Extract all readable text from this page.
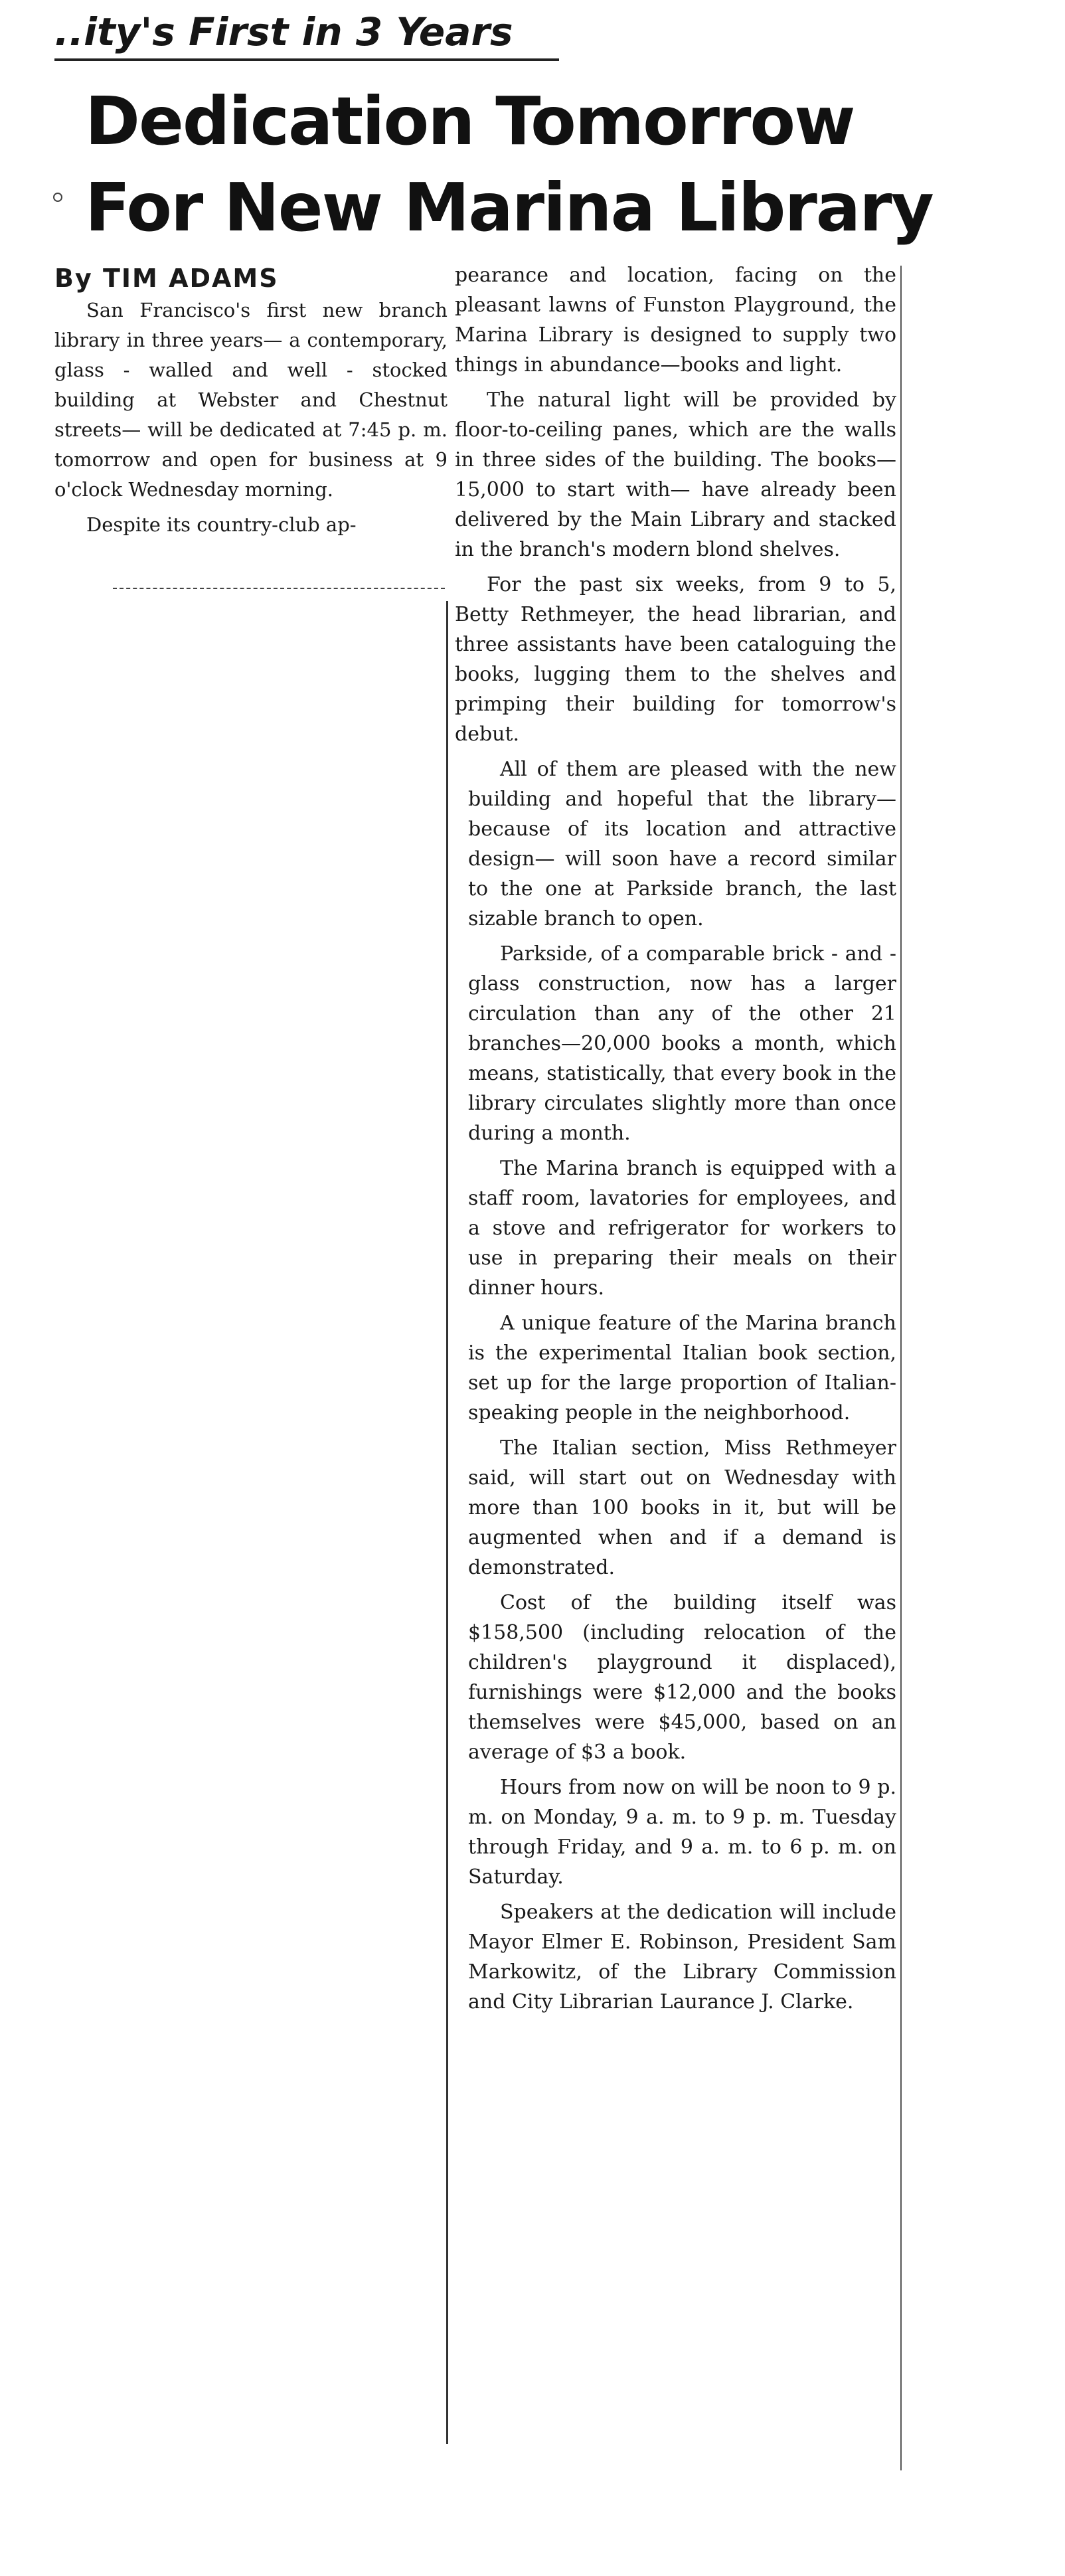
..ity's First in 3 Years
Dedication Tomorrow
For New Marina Library
By TIM ADAMS

San Francisco's first new branch library in three years— a contemporary, glass - walled and well - stocked building at Webster and Chestnut streets— will be dedicated at 7:45 p. m. tomorrow and open for business at 9 o'clock Wednesday morning.

Despite its country-club ap-

pearance and location, facing on the pleasant lawns of Funston Playground, the Marina Library is designed to supply two things in abundance—books and light.

The natural light will be provided by floor-to-ceiling panes, which are the walls in three sides of the building. The books—15,000 to start with— have already been delivered by the Main Library and stacked in the branch's modern blond shelves.

For the past six weeks, from 9 to 5, Betty Rethmeyer, the head librarian, and three assistants have been cataloguing the books, lugging them to the shelves and primping their building for tomorrow's debut.

All of them are pleased with the new building and hopeful that the library—because of its location and attractive design— will soon have a record similar to the one at Parkside branch, the last sizable branch to open.

Parkside, of a comparable brick - and - glass construction, now has a larger circulation than any of the other 21 branches—20,000 books a month, which means, statistically, that every book in the library circulates slightly more than once during a month.

The Marina branch is equipped with a staff room, lavatories for employees, and a stove and refrigerator for workers to use in preparing their meals on their dinner hours.

A unique feature of the Marina branch is the experimental Italian book section, set up for the large proportion of Italian-speaking people in the neighborhood.

The Italian section, Miss Rethmeyer said, will start out on Wednesday with more than 100 books in it, but will be augmented when and if a demand is demonstrated.

Cost of the building itself was $158,500 (including relocation of the children's playground it displaced), furnishings were $12,000 and the books themselves were $45,000, based on an average of $3 a book.

Hours from now on will be noon to 9 p. m. on Monday, 9 a. m. to 9 p. m. Tuesday through Friday, and 9 a. m. to 6 p. m. on Saturday.

Speakers at the dedication will include Mayor Elmer E. Robinson, President Sam Markowitz, of the Library Commission and City Librarian Laurance J. Clarke.
